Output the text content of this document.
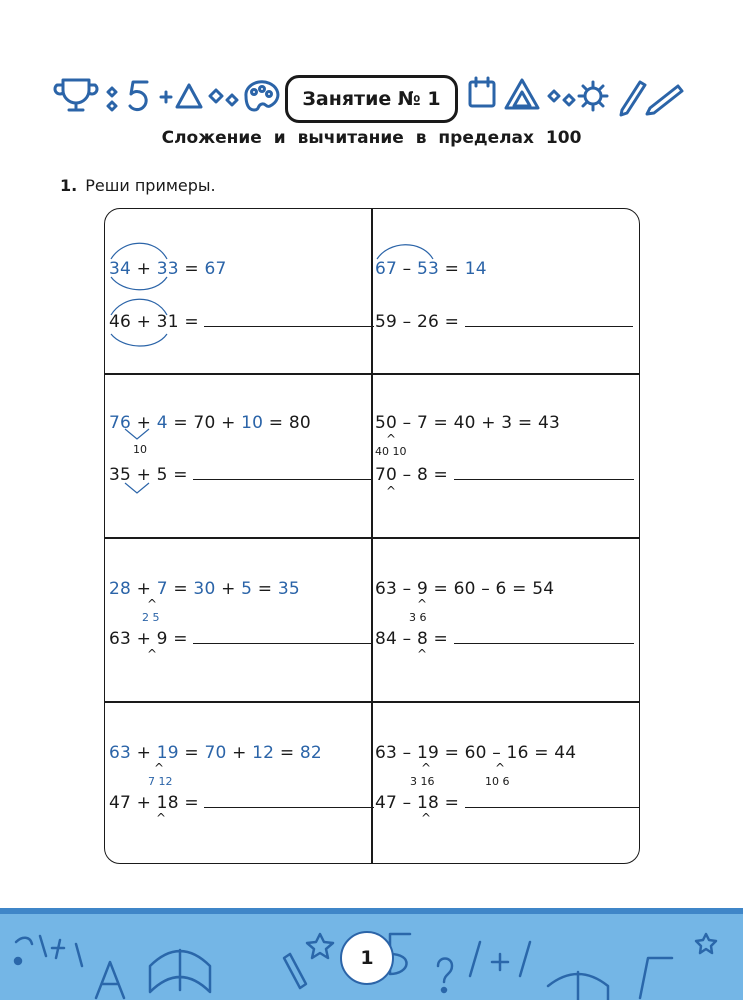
Занятие № 1
Сложение и вычитание в пределах 100
1. Реши примеры.
34 + 33 = 67
46 + 31 =
67 – 53 = 14
59 – 26 =
76 + 4 = 70 + 10 = 80
10
35 + 5 =
50 – 7 = 40 + 3 = 43
^
40 10
70 – 8 =
^
28 + 7 = 30 + 5 = 35
^
2 5
63 + 9 =
^
63 – 9 = 60 – 6 = 54
^
3 6
84 – 8 =
^
63 + 19 = 70 + 12 = 82
^
7 12
47 + 18 =
^
63 – 19 = 60 – 16 = 44
^	^
3 16	10 6
47 – 18 =
^
1
